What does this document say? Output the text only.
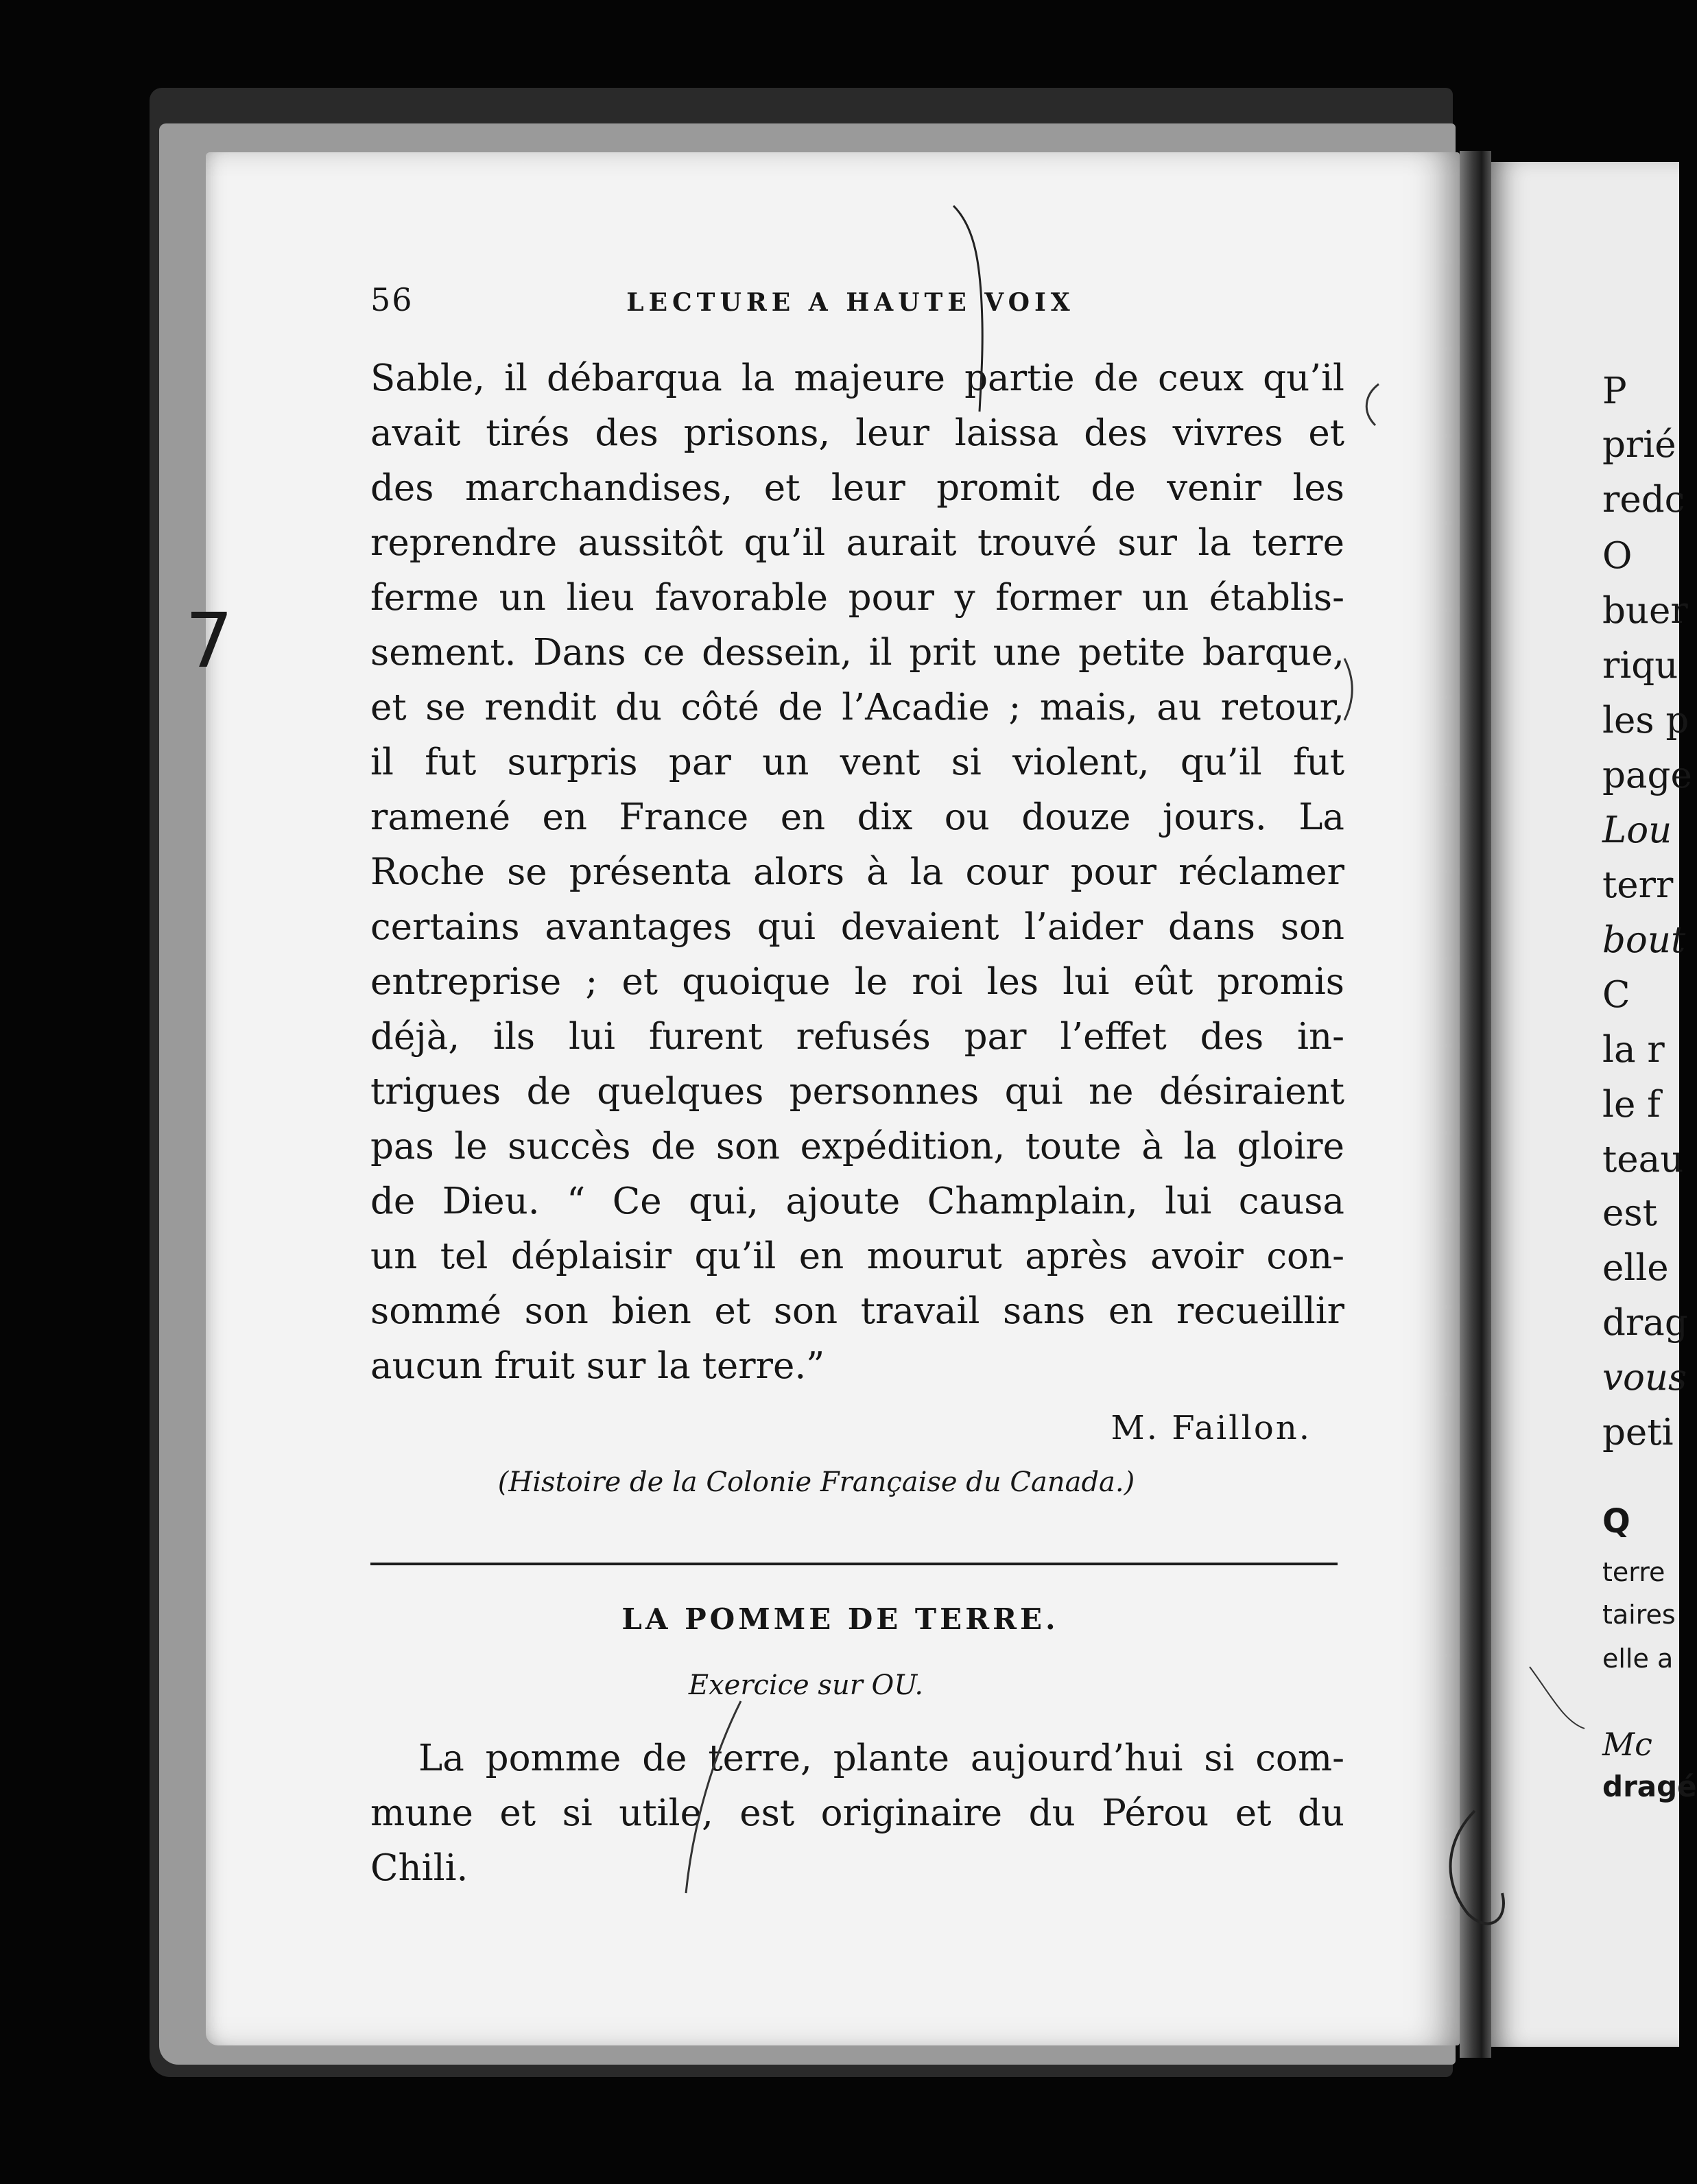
7
56	LECTURE A HAUTE VOIX
Sable, il débarqua la majeure partie de ceux qu’il
avait tirés des prisons, leur laissa des vivres et
des marchandises, et leur promit de venir les
reprendre aussitôt qu’il aurait trouvé sur la terre
ferme un lieu favorable pour y former un établis-
sement. Dans ce dessein, il prit une petite barque,
et se rendit du côté de l’Acadie ; mais, au retour,
il fut surpris par un vent si violent, qu’il fut
ramené en France en dix ou douze jours. La
Roche se présenta alors à la cour pour réclamer
certains avantages qui devaient l’aider dans son
entreprise ; et quoique le roi les lui eût promis
déjà, ils lui furent refusés par l’effet des in-
trigues de quelques personnes qui ne désiraient
pas le succès de son expédition, toute à la gloire
de Dieu. “ Ce qui, ajoute Champlain, lui causa
un tel déplaisir qu’il en mourut après avoir con-
sommé son bien et son travail sans en recueillir
aucun fruit sur la terre.”
M. Faillon.
(Histoire de la Colonie Française du Canada.)
LA POMME DE TERRE.
Exercice sur OU.
La pomme de terre, plante aujourd’hui si com-
mune et si utile, est originaire du Pérou et du
Chili.
P
prié
redc
O
buer
riqu
les p
page
Lou
terr
bout
C
la r
le f
teau
est
elle
drag
vous
peti
Q
terre
taires
elle a
Mc
dragé
